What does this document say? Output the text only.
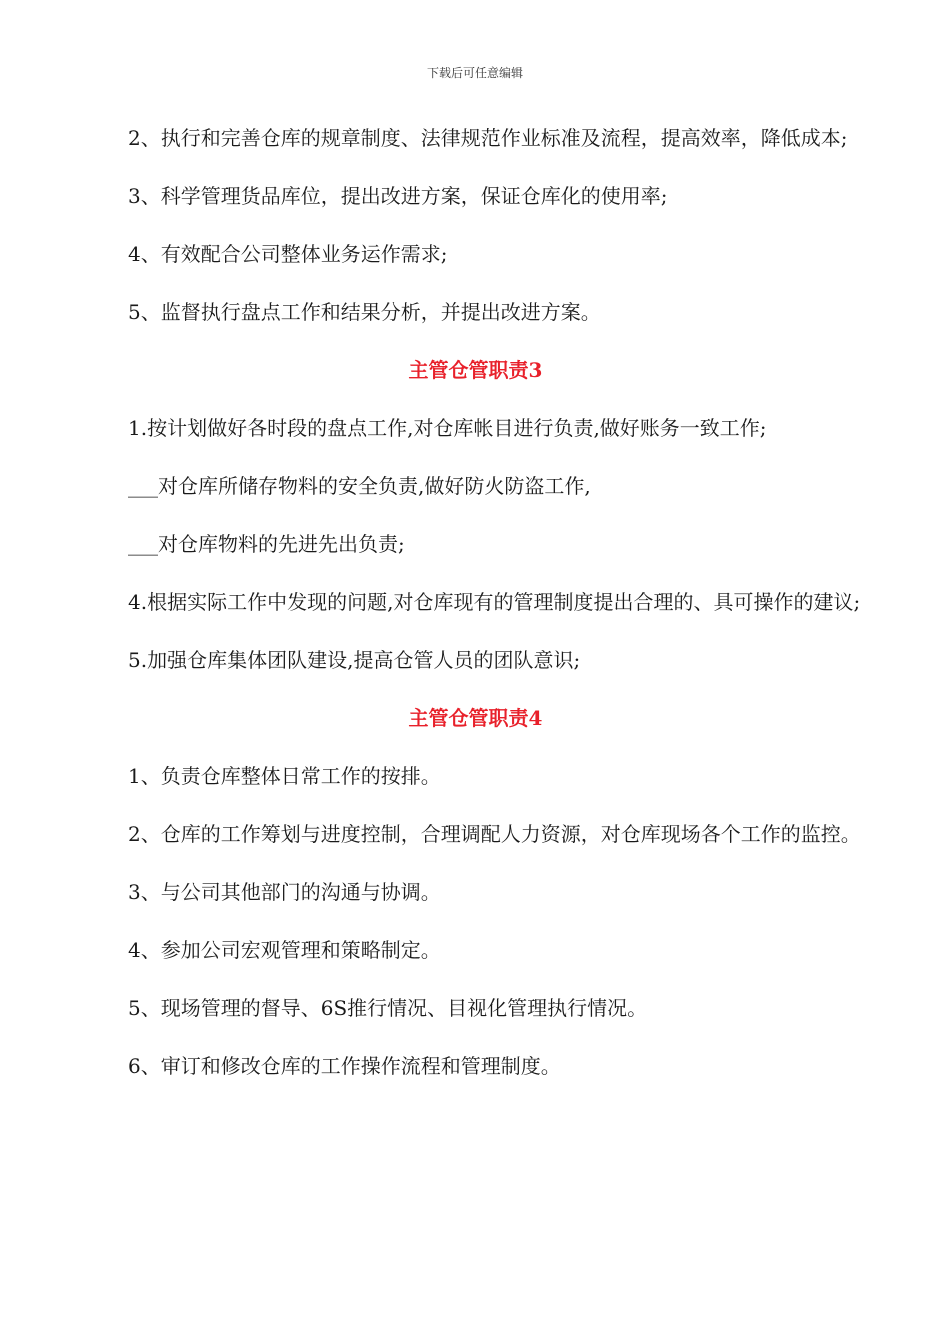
下载后可任意编辑

2、执行和完善仓库的规章制度、法律规范作业标准及流程，提高效率，降低成本;

3、科学管理货品库位，提出改进方案，保证仓库化的使用率;

4、有效配合公司整体业务运作需求;

5、监督执行盘点工作和结果分析，并提出改进方案。

主管仓管职责3

1.按计划做好各时段的盘点工作,对仓库帐目进行负责,做好账务一致工作;

___对仓库所储存物料的安全负责,做好防火防盗工作,

___对仓库物料的先进先出负责;

4.根据实际工作中发现的问题,对仓库现有的管理制度提出合理的、具可操作的建议;

5.加强仓库集体团队建设,提高仓管人员的团队意识;

主管仓管职责4

1、负责仓库整体日常工作的按排。

2、仓库的工作筹划与进度控制，合理调配人力资源，对仓库现场各个工作的监控。

3、与公司其他部门的沟通与协调。

4、参加公司宏观管理和策略制定。

5、现场管理的督导、6S推行情况、目视化管理执行情况。

6、审订和修改仓库的工作操作流程和管理制度。
